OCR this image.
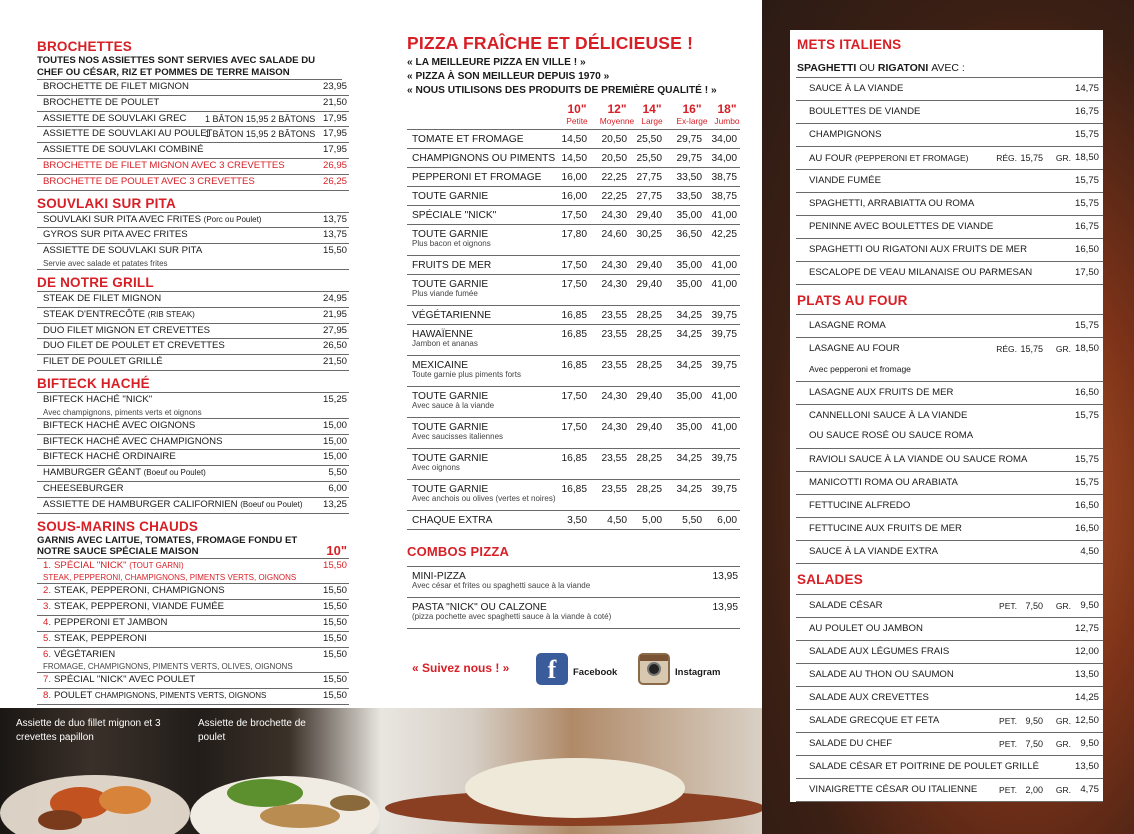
BROCHETTES
TOUTES NOS ASSIETTES SONT SERVIES AVEC SALADE DU CHEF OU CÉSAR, RIZ ET POMMES DE TERRE MAISON
BROCHETTE DE FILET MIGNON	23,95
BROCHETTE DE POULET	21,50
ASSIETTE DE SOUVLAKI GREC 1 BÂTON 15,95 2 BÂTONS 17,95
ASSIETTE DE SOUVLAKI AU POULET
1 BÂTON 15,95 2 BÂTONS 17,95
ASSIETTE DE SOUVLAKI COMBINÉ	17,95
BROCHETTE DE FILET MIGNON AVEC 3 CREVETTES	26,95
BROCHETTE DE POULET AVEC 3 CREVETTES	26,25
SOUVLAKI SUR PITA
SOUVLAKI SUR PITA AVEC FRITES (Porc ou Poulet)	13,75
GYROS SUR PITA AVEC FRITES	13,75
ASSIETTE DE SOUVLAKI SUR PITA	15,50
Servie avec salade et patates frites
DE NOTRE GRILL
STEAK DE FILET MIGNON	24,95
STEAK D'ENTRECÔTE (RIB STEAK)	21,95
DUO FILET MIGNON ET CREVETTES	27,95
DUO FILET DE POULET ET CREVETTES	26,50
FILET DE POULET GRILLÉ	21,50
BIFTECK HACHÉ
BIFTECK HACHÉ "NICK"	15,25
Avec champignons, piments verts et oignons
BIFTECK HACHÉ AVEC OIGNONS	15,00
BIFTECK HACHÉ AVEC CHAMPIGNONS	15,00
BIFTECK HACHÉ ORDINAIRE	15,00
HAMBURGER GÉANT (Boeuf ou Poulet)	5,50
CHEESEBURGER	6,00
ASSIETTE DE HAMBURGER CALIFORNIEN (Boeuf ou Poulet) 13,25
SOUS-MARINS CHAUDS
GARNIS AVEC LAITUE, TOMATES, FROMAGE FONDU ET NOTRE SAUCE SPÉCIALE MAISON	10"
1. SPÉCIAL "NICK" (TOUT GARNI)	15,50
STEAK, PEPPERONI, CHAMPIGNONS, PIMENTS VERTS, OIGNONS
2. STEAK, PEPPERONI, CHAMPIGNONS	15,50
3. STEAK, PEPPERONI, VIANDE FUMÉE	15,50
4. PEPPERONI ET JAMBON	15,50
5. STEAK, PEPPERONI	15,50
6. VÉGÉTARIEN	15,50
FROMAGE, CHAMPIGNONS, PIMENTS VERTS, OLIVES, OIGNONS
7. SPÉCIAL "NICK" AVEC POULET	15,50
8. POULET CHAMPIGNONS, PIMENTS VERTS, OIGNONS	15,50
Assiette de duo fillet mignon et 3 crevettes papillon
Assiette de brochette de poulet
PIZZA FRAÎCHE ET DÉLICIEUSE !
« LA MEILLEURE PIZZA EN VILLE ! »
« PIZZA À SON MEILLEUR DEPUIS 1970 »
« NOUS UTILISONS DES PRODUITS DE PREMIÈRE QUALITÉ ! »
10"
Petite
12"
Moyenne
14"
Large
16"
Ex-large
18"
Jumbo
TOMATE ET FROMAGE	14,50	20,50 25,50	29,75 34,00
CHAMPIGNONS OU PIMENTS 14,50	20,50 25,50	29,75 34,00
PEPPERONI ET FROMAGE	16,00	22,25 27,75	33,50 38,75
TOUTE GARNIE	16,00	22,25 27,75	33,50 38,75
SPÉCIALE "NICK"	17,50	24,30 29,40	35,00 41,00
TOUTE GARNIE
Plus bacon et oignons
17,80	24,60 30,25	36,50 42,25
FRUITS DE MER	17,50	24,30 29,40	35,00 41,00
TOUTE GARNIE
Plus viande fumée
17,50	24,30 29,40	35,00 41,00
VÉGÉTARIENNE	16,85	23,55 28,25	34,25 39,75
HAWAÏENNE
Jambon et ananas
16,85	23,55 28,25	34,25 39,75
MEXICAINE
Toute garnie plus piments forts
16,85	23,55 28,25	34,25 39,75
TOUTE GARNIE
Avec sauce à la viande
17,50	24,30 29,40	35,00 41,00
TOUTE GARNIE
Avec saucisses italiennes
17,50	24,30 29,40	35,00 41,00
TOUTE GARNIE
Avec oignons
16,85	23,55 28,25	34,25 39,75
TOUTE GARNIE
Avec anchois ou olives (vertes et noires)
16,85	23,55 28,25	34,25 39,75
CHAQUE EXTRA	3,50	4,50	5,00	5,50	6,00
COMBOS PIZZA
MINI-PIZZA
Avec césar et frites ou spaghetti sauce à la viande
13,95
PASTA "NICK" OU CALZONE
(pizza pochette avec spaghetti sauce à la viande à coté)
13,95
« Suivez nous ! »	f	Facebook	Instagram
METS ITALIENS
SPAGHETTI OU RIGATONI AVEC :
SAUCE À LA VIANDE	14,75
BOULETTES DE VIANDE	16,75
CHAMPIGNONS	15,75
AU FOUR (PEPPERONI ET FROMAGE)	RÉG. 15,75 GR. 18,50
VIANDE FUMÉE	15,75
SPAGHETTI, ARRABIATTA OU ROMA	15,75
PENINNE AVEC BOULETTES DE VIANDE	16,75
SPAGHETTI OU RIGATONI AUX FRUITS DE MER	16,50
ESCALOPE DE VEAU MILANAISE OU PARMESAN	17,50
PLATS AU FOUR
LASAGNE ROMA	15,75
LASAGNE AU FOUR	RÉG. 15,75 GR. 18,50
Avec pepperoni et fromage
LASAGNE AUX FRUITS DE MER	16,50
CANNELLONI SAUCE À LA VIANDE	15,75
OU SAUCE ROSÉ OU SAUCE ROMA
RAVIOLI SAUCE À LA VIANDE OU SAUCE ROMA	15,75
MANICOTTI ROMA OU ARABIATA	15,75
FETTUCINE ALFREDO	16,50
FETTUCINE AUX FRUITS DE MER	16,50
SAUCE À LA VIANDE EXTRA	4,50
SALADES
SALADE CÉSAR	PET. 7,50 GR. 9,50
AU POULET OU JAMBON	12,75
SALADE AUX LÉGUMES FRAIS	12,00
SALADE AU THON OU SAUMON	13,50
SALADE AUX CREVETTES	14,25
SALADE GRECQUE ET FETA	PET. 9,50 GR. 12,50
SALADE DU CHEF	PET. 7,50 GR. 9,50
SALADE CÉSAR ET POITRINE DE POULET GRILLÉ	13,50
VINAIGRETTE CÉSAR OU ITALIENNE	PET. 2,00 GR. 4,75
